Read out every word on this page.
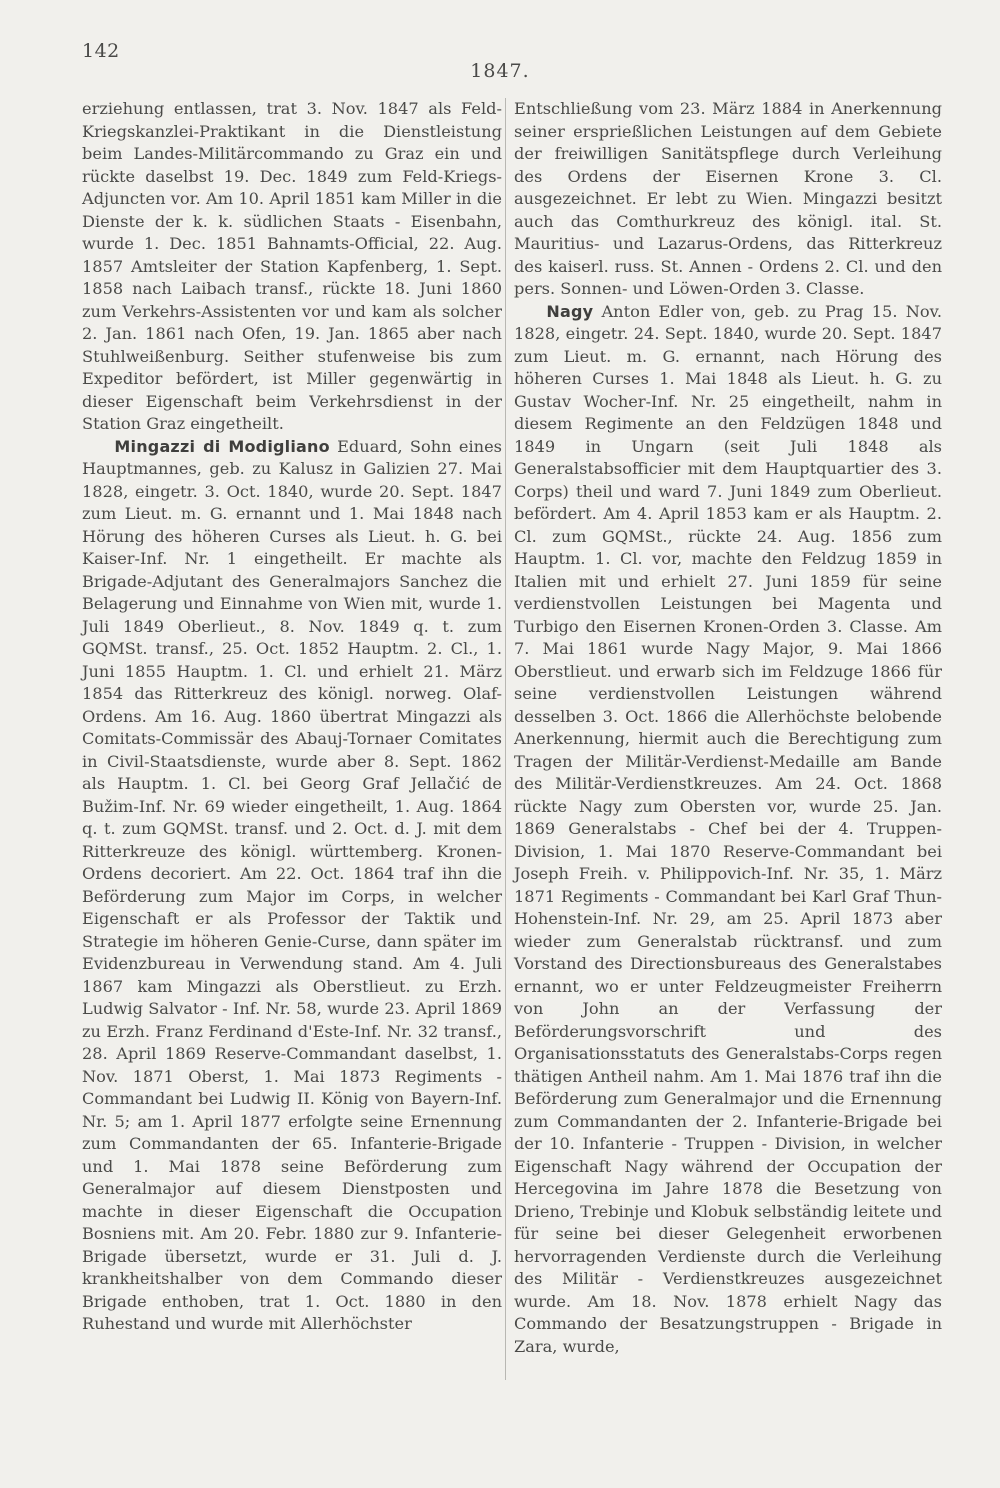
142
1847.

erziehung entlassen, trat 3. Nov. 1847 als Feld-Kriegskanzlei-Praktikant in die Dienstleistung beim Landes-Militärcommando zu Graz ein und rückte daselbst 19. Dec. 1849 zum Feld-Kriegs-Adjuncten vor. Am 10. April 1851 kam Miller in die Dienste der k. k. südlichen Staats - Eisenbahn, wurde 1. Dec. 1851 Bahnamts-Official, 22. Aug. 1857 Amtsleiter der Station Kapfenberg, 1. Sept. 1858 nach Laibach transf., rückte 18. Juni 1860 zum Verkehrs-Assistenten vor und kam als solcher 2. Jan. 1861 nach Ofen, 19. Jan. 1865 aber nach Stuhlweißenburg. Seither stufenweise bis zum Expeditor befördert, ist Miller gegenwärtig in dieser Eigenschaft beim Verkehrsdienst in der Station Graz eingetheilt.

Mingazzi di Modigliano Eduard, Sohn eines Hauptmannes, geb. zu Kalusz in Galizien 27. Mai 1828, eingetr. 3. Oct. 1840, wurde 20. Sept. 1847 zum Lieut. m. G. ernannt und 1. Mai 1848 nach Hörung des höheren Curses als Lieut. h. G. bei Kaiser-Inf. Nr. 1 eingetheilt. Er machte als Brigade-Adjutant des Generalmajors Sanchez die Belagerung und Einnahme von Wien mit, wurde 1. Juli 1849 Oberlieut., 8. Nov. 1849 q. t. zum GQMSt. transf., 25. Oct. 1852 Hauptm. 2. Cl., 1. Juni 1855 Hauptm. 1. Cl. und erhielt 21. März 1854 das Ritterkreuz des königl. norweg. Olaf-Ordens. Am 16. Aug. 1860 übertrat Mingazzi als Comitats-Commissär des Abauj-Tornaer Comitates in Civil-Staatsdienste, wurde aber 8. Sept. 1862 als Hauptm. 1. Cl. bei Georg Graf Jellačić de Bužim-Inf. Nr. 69 wieder eingetheilt, 1. Aug. 1864 q. t. zum GQMSt. transf. und 2. Oct. d. J. mit dem Ritterkreuze des königl. württemberg. Kronen-Ordens decoriert. Am 22. Oct. 1864 traf ihn die Beförderung zum Major im Corps, in welcher Eigenschaft er als Professor der Taktik und Strategie im höheren Genie-Curse, dann später im Evidenzbureau in Verwendung stand. Am 4. Juli 1867 kam Mingazzi als Oberstlieut. zu Erzh. Ludwig Salvator - Inf. Nr. 58, wurde 23. April 1869 zu Erzh. Franz Ferdinand d'Este-Inf. Nr. 32 transf., 28. April 1869 Reserve-Commandant daselbst, 1. Nov. 1871 Oberst, 1. Mai 1873 Regiments - Commandant bei Ludwig II. König von Bayern-Inf. Nr. 5; am 1. April 1877 erfolgte seine Ernennung zum Commandanten der 65. Infanterie-Brigade und 1. Mai 1878 seine Beförderung zum Generalmajor auf diesem Dienstposten und machte in dieser Eigenschaft die Occupation Bosniens mit. Am 20. Febr. 1880 zur 9. Infanterie-Brigade übersetzt, wurde er 31. Juli d. J. krankheitshalber von dem Commando dieser Brigade enthoben, trat 1. Oct. 1880 in den Ruhestand und wurde mit Allerhöchster

Entschließung vom 23. März 1884 in Anerkennung seiner ersprießlichen Leistungen auf dem Gebiete der freiwilligen Sanitätspflege durch Verleihung des Ordens der Eisernen Krone 3. Cl. ausgezeichnet. Er lebt zu Wien. Mingazzi besitzt auch das Comthurkreuz des königl. ital. St. Mauritius- und Lazarus-Ordens, das Ritterkreuz des kaiserl. russ. St. Annen - Ordens 2. Cl. und den pers. Sonnen- und Löwen-Orden 3. Classe.

Nagy Anton Edler von, geb. zu Prag 15. Nov. 1828, eingetr. 24. Sept. 1840, wurde 20. Sept. 1847 zum Lieut. m. G. ernannt, nach Hörung des höheren Curses 1. Mai 1848 als Lieut. h. G. zu Gustav Wocher-Inf. Nr. 25 eingetheilt, nahm in diesem Regimente an den Feldzügen 1848 und 1849 in Ungarn (seit Juli 1848 als Generalstabsofficier mit dem Hauptquartier des 3. Corps) theil und ward 7. Juni 1849 zum Oberlieut. befördert. Am 4. April 1853 kam er als Hauptm. 2. Cl. zum GQMSt., rückte 24. Aug. 1856 zum Hauptm. 1. Cl. vor, machte den Feldzug 1859 in Italien mit und erhielt 27. Juni 1859 für seine verdienstvollen Leistungen bei Magenta und Turbigo den Eisernen Kronen-Orden 3. Classe. Am 7. Mai 1861 wurde Nagy Major, 9. Mai 1866 Oberstlieut. und erwarb sich im Feldzuge 1866 für seine verdienstvollen Leistungen während desselben 3. Oct. 1866 die Allerhöchste belobende Anerkennung, hiermit auch die Berechtigung zum Tragen der Militär-Verdienst-Medaille am Bande des Militär-Verdienstkreuzes. Am 24. Oct. 1868 rückte Nagy zum Obersten vor, wurde 25. Jan. 1869 Generalstabs - Chef bei der 4. Truppen-Division, 1. Mai 1870 Reserve-Commandant bei Joseph Freih. v. Philippovich-Inf. Nr. 35, 1. März 1871 Regiments - Commandant bei Karl Graf Thun-Hohenstein-Inf. Nr. 29, am 25. April 1873 aber wieder zum Generalstab rücktransf. und zum Vorstand des Directionsbureaus des Generalstabes ernannt, wo er unter Feldzeugmeister Freiherrn von John an der Verfassung der Beförderungsvorschrift und des Organisationsstatuts des Generalstabs-Corps regen thätigen Antheil nahm. Am 1. Mai 1876 traf ihn die Beförderung zum Generalmajor und die Ernennung zum Commandanten der 2. Infanterie-Brigade bei der 10. Infanterie - Truppen - Division, in welcher Eigenschaft Nagy während der Occupation der Hercegovina im Jahre 1878 die Besetzung von Drieno, Trebinje und Klobuk selbständig leitete und für seine bei dieser Gelegenheit erworbenen hervorragenden Verdienste durch die Verleihung des Militär - Verdienstkreuzes ausgezeichnet wurde. Am 18. Nov. 1878 erhielt Nagy das Commando der Besatzungstruppen - Brigade in Zara, wurde,
